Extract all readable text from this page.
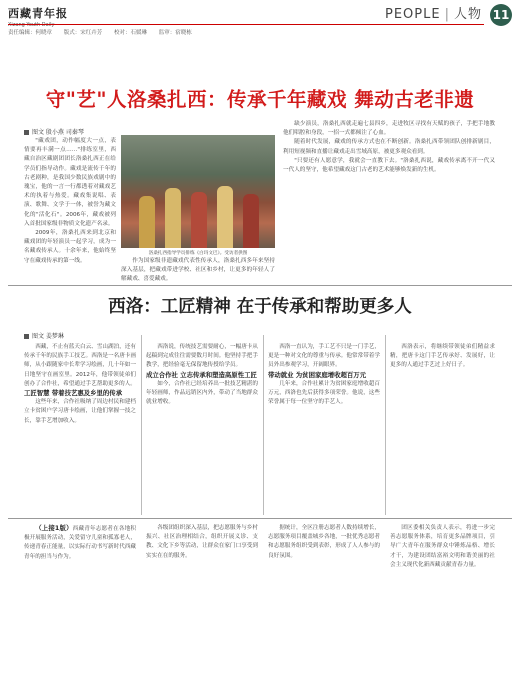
西藏青年报
Xizang Youth Daily
责任编辑：何晓章 版式：宋红卉芳 校对：石媛琳 监审：宿晓栋
PEOPLE | 人物 11
守"艺"人洛桑扎西：传承千年藏戏 舞动古老非遗
图文 殷小燕 司秦琴

"藏戏团，动作幅度大一点，表情要再丰满一点……"排练室里，西藏自治区藏剧团团长洛桑扎西正在给学员们指导动作。藏戏是流传千年的古老剧种，是我国少数民族戏剧中的瑰宝，他的一言一行都透着对藏戏艺术的执着与热爱。藏戏集说唱、表演、歌舞、文学于一体，被誉为藏文化的"活化石"。2006年，藏戏被列入首批国家级非物质文化遗产名录。

2009年，洛桑扎西来到北京和藏戏团的年轻演员一起学习，成为一名藏戏传承人。十余年来，他始终坚守在藏戏传承的第一线。

洛桑扎西指导学员排练《白玛文巴》。受访者供图

作为国家级非遗藏戏代表性传承人，洛桑扎西多年来坚持深入基层，把藏戏带进学校、社区和乡村，让更多的年轻人了解藏戏、喜爱藏戏。

缺少演员，洛桑扎西就走遍七县四乡，走进牧区寻找有天赋的孩子，手把手地教他们唱腔和身段，一招一式都倾注了心血。

随着时代发展，藏戏的传承方式也在不断创新。洛桑扎西带领团队创排新剧目，利用短视频和直播让藏戏走出雪域高原，被更多观众看到。

"只要还有人愿意学，我就会一直教下去。"洛桑扎西说，藏戏传承离不开一代又一代人的坚守，他希望藏戏这门古老的艺术能够焕发新的生机。

西洛：工匠精神 在于传承和帮助更多人
图文 姜梦琳

西藏，不止有蓝天白云、雪山湖泊，还有传承千年的民族手工技艺。西洛是一名唐卡画师，从小跟随家中长辈学习绘画，几十年如一日地坚守在画室里。2012年，他带领徒弟们创办了合作社，希望通过手艺帮助更多的人。

工匠智慧 带着技艺惠及乡里的传承

这些年来，合作社吸纳了周边村民和建档立卡贫困户学习唐卡绘画，让他们掌握一技之长，靠手艺增加收入。

西洛说，传统技艺需要耐心，一幅唐卡从起稿到完成往往需要数月时间。他坚持手把手教学，把经验毫无保留地传授给学员。

成立合作社 立志传承和塑造高原性工匠

如今，合作社已经培养出一批技艺精湛的年轻画师，作品远销区内外，带动了当地群众就业增收。

西洛一直认为，手工艺不只是一门手艺，更是一种对文化的尊重与传承。他常常带着学员外出参观学习，开阔眼界。

带动就业 为贫困家庭增收超百万元

几年来，合作社累计为贫困家庭增收超百万元，西洛也先后获得多项荣誉。他说，这些荣誉属于每一位坚守的手艺人。

西洛表示，将继续带领徒弟们精益求精，把唐卡这门手艺传承好、发展好，让更多的人通过手艺过上好日子。

（上接1版）西藏青年志愿者在各地积极开展服务活动，关爱留守儿童和孤寡老人，传递青春正能量，以实际行动书写新时代西藏青年的担当与作为。

各级团组织深入基层，把志愿服务与乡村振兴、社区治理相结合，组织开展义诊、支教、文化下乡等活动，让群众在家门口享受到实实在在的服务。

据统计，全区注册志愿者人数持续增长，志愿服务项目覆盖城乡各地，一批优秀志愿者和志愿服务组织受到表彰，形成了人人参与的良好氛围。

团区委相关负责人表示，将进一步完善志愿服务体系，培育更多品牌项目，引导广大青年在服务群众中锤炼品格、增长才干，为建设团结富裕文明和谐美丽的社会主义现代化新西藏贡献青春力量。
